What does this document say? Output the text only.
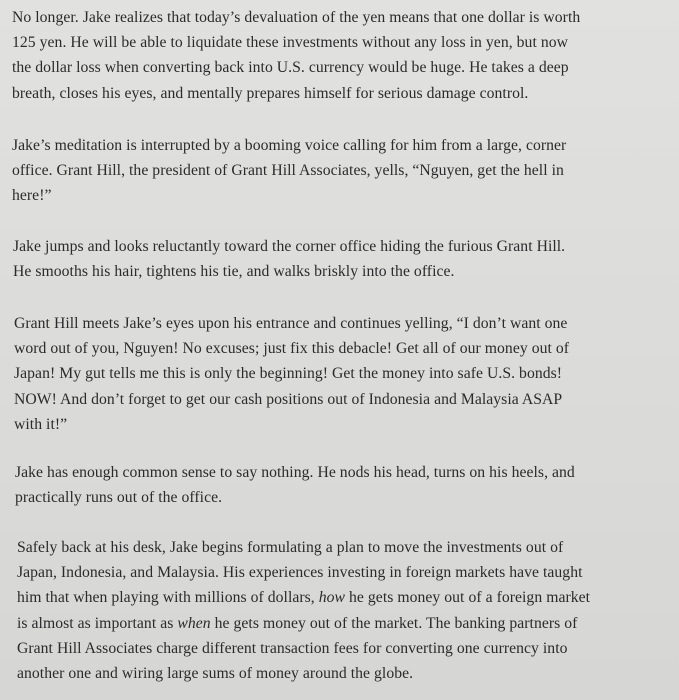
No longer. Jake realizes that today’s devaluation of the yen means that one dollar is worth
125 yen. He will be able to liquidate these investments without any loss in yen, but now
the dollar loss when converting back into U.S. currency would be huge. He takes a deep
breath, closes his eyes, and mentally prepares himself for serious damage control.

Jake’s meditation is interrupted by a booming voice calling for him from a large, corner
office. Grant Hill, the president of Grant Hill Associates, yells, “Nguyen, get the hell in
here!”

Jake jumps and looks reluctantly toward the corner office hiding the furious Grant Hill.
He smooths his hair, tightens his tie, and walks briskly into the office.

Grant Hill meets Jake’s eyes upon his entrance and continues yelling, “I don’t want one
word out of you, Nguyen! No excuses; just fix this debacle! Get all of our money out of
Japan! My gut tells me this is only the beginning! Get the money into safe U.S. bonds!
NOW! And don’t forget to get our cash positions out of Indonesia and Malaysia ASAP
with it!”

Jake has enough common sense to say nothing. He nods his head, turns on his heels, and
practically runs out of the office.

Safely back at his desk, Jake begins formulating a plan to move the investments out of
Japan, Indonesia, and Malaysia. His experiences investing in foreign markets have taught
him that when playing with millions of dollars, how he gets money out of a foreign market
is almost as important as when he gets money out of the market. The banking partners of
Grant Hill Associates charge different transaction fees for converting one currency into
another one and wiring large sums of money around the globe.
